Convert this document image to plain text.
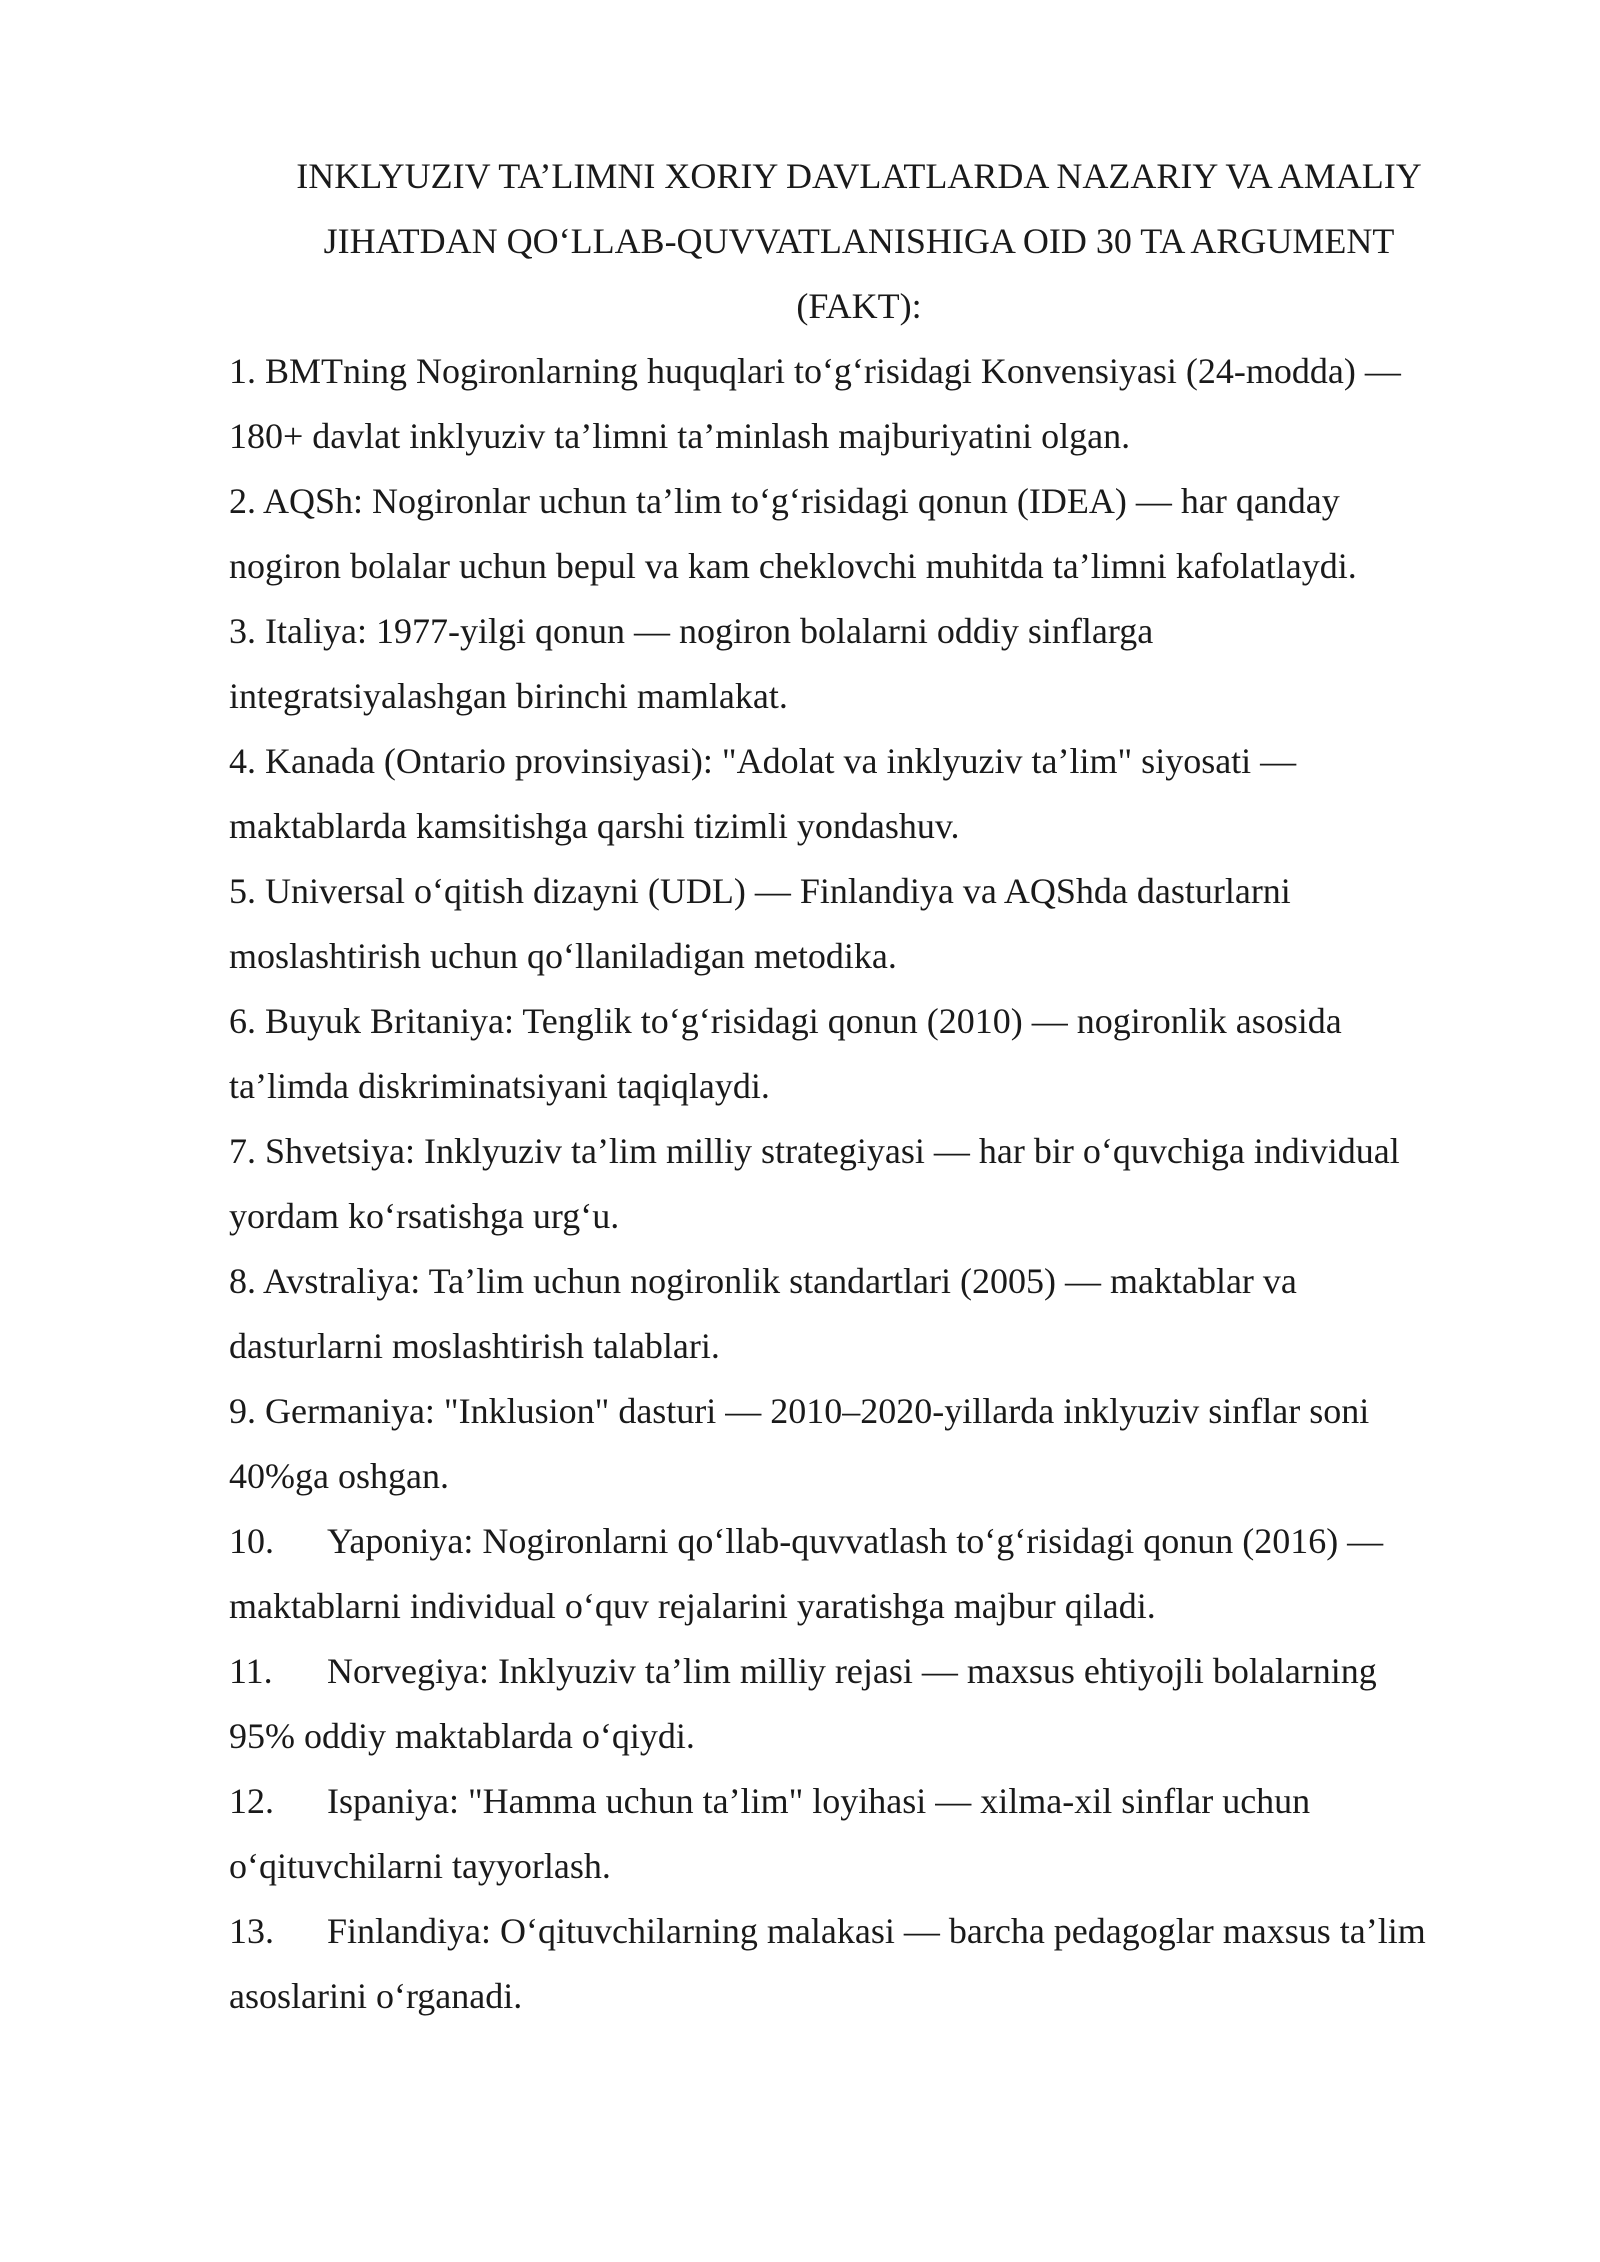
INKLYUZIV TA’LIMNI XORIY DAVLATLARDA NAZARIY VA AMALIY
JIHATDAN QO‘LLAB-QUVVATLANISHIGA OID 30 TA ARGUMENT
(FAKT):
1. BMTning Nogironlarning huquqlari to‘g‘risidagi Konvensiyasi (24-modda) —
180+ davlat inklyuziv ta’limni ta’minlash majburiyatini olgan.
2. AQSh: Nogironlar uchun ta’lim to‘g‘risidagi qonun (IDEA) — har qanday
nogiron bolalar uchun bepul va kam cheklovchi muhitda ta’limni kafolatlaydi.
3. Italiya: 1977-yilgi qonun — nogiron bolalarni oddiy sinflarga
integratsiyalashgan birinchi mamlakat.
4. Kanada (Ontario provinsiyasi): "Adolat va inklyuziv ta’lim" siyosati —
maktablarda kamsitishga qarshi tizimli yondashuv.
5. Universal o‘qitish dizayni (UDL) — Finlandiya va AQShda dasturlarni
moslashtirish uchun qo‘llaniladigan metodika.
6. Buyuk Britaniya: Tenglik to‘g‘risidagi qonun (2010) — nogironlik asosida
ta’limda diskriminatsiyani taqiqlaydi.
7. Shvetsiya: Inklyuziv ta’lim milliy strategiyasi — har bir o‘quvchiga individual
yordam ko‘rsatishga urg‘u.
8. Avstraliya: Ta’lim uchun nogironlik standartlari (2005) — maktablar va
dasturlarni moslashtirish talablari.
9. Germaniya: "Inklusion" dasturi — 2010–2020-yillarda inklyuziv sinflar soni
40%ga oshgan.
10. Yaponiya: Nogironlarni qo‘llab-quvvatlash to‘g‘risidagi qonun (2016) —
maktablarni individual o‘quv rejalarini yaratishga majbur qiladi.
11. Norvegiya: Inklyuziv ta’lim milliy rejasi — maxsus ehtiyojli bolalarning
95% oddiy maktablarda o‘qiydi.
12. Ispaniya: "Hamma uchun ta’lim" loyihasi — xilma-xil sinflar uchun
o‘qituvchilarni tayyorlash.
13. Finlandiya: O‘qituvchilarning malakasi — barcha pedagoglar maxsus ta’lim
asoslarini o‘rganadi.
